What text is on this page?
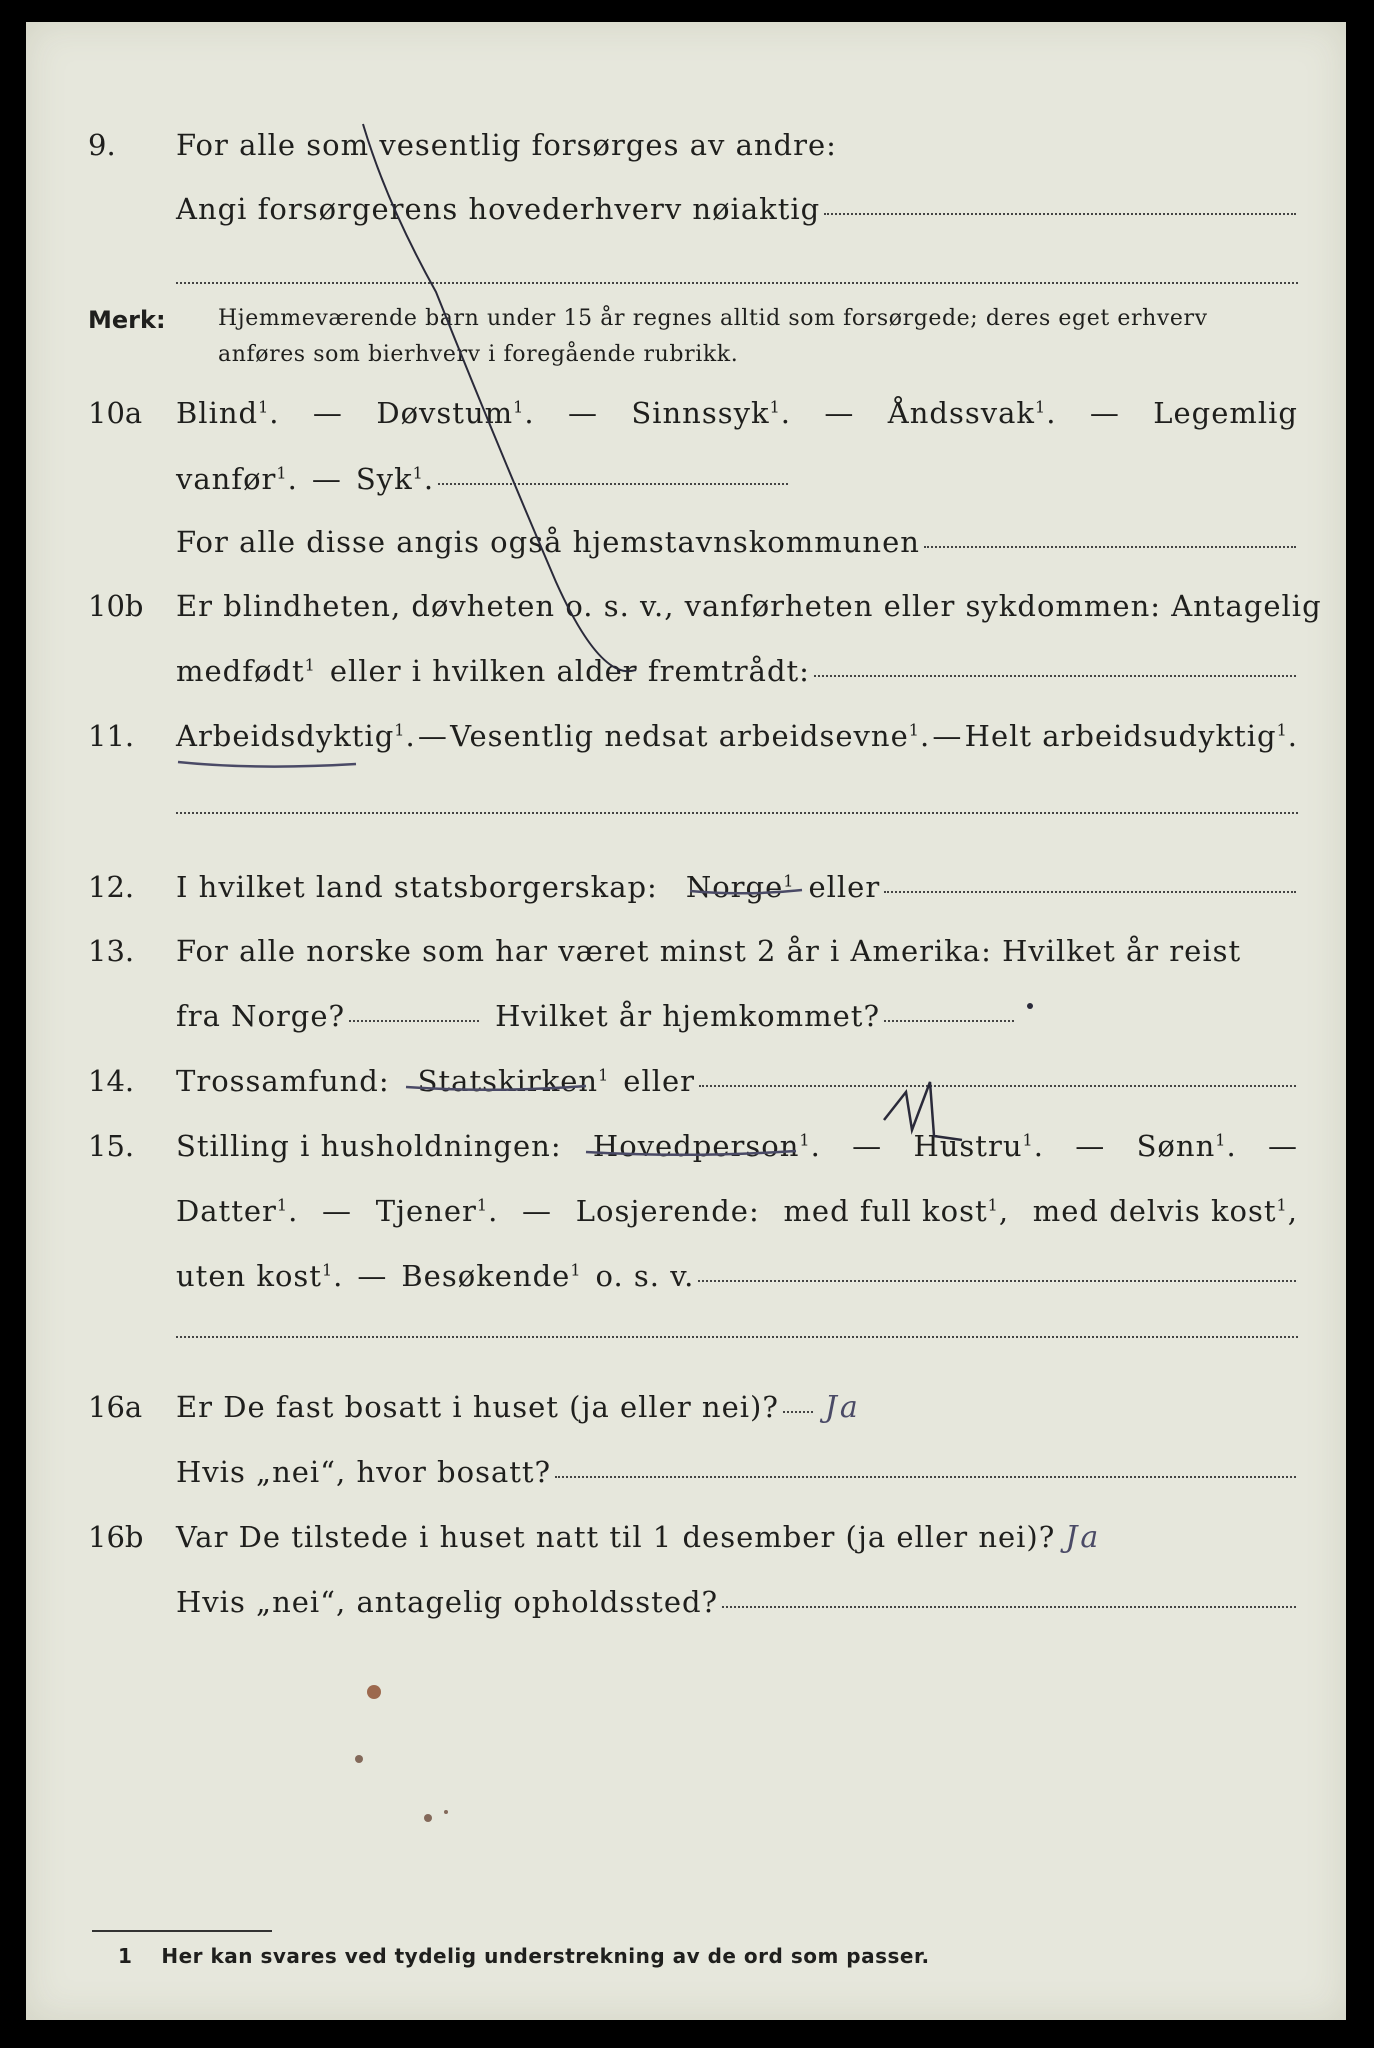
9. For alle som vesentlig forsørges av andre:
Angi forsørgerens hovederhverv nøiaktig
Merk: Hjemmeværende barn under 15 år regnes alltid som forsørgede; deres eget erhverv
anføres som bierhverv i foregående rubrikk.
10a Blind$^1$. — Døvstum$^1$. — Sinnssyk$^1$. — Åndssvak$^1$. — Legemlig
vanfør$^1$. — Syk$^1$.
For alle disse angis også hjemstavnskommunen
10b Er blindheten, døvheten o. s. v., vanførheten eller sykdommen: Antagelig
medfødt$^1$ eller i hvilken alder fremtrådt:
11. Arbeidsdyktig$^1$. — Vesentlig nedsat arbeidsevne$^1$. — Helt arbeidsudyktig$^1$.
12. I hvilket land statsborgerskap: Norge$^1$ eller
13. For alle norske som har været minst 2 år i Amerika: Hvilket år reist
fra Norge?	Hvilket år hjemkommet?
14. Trossamfund: Statskirken$^1$ eller
15. Stilling i husholdningen: Hovedperson$^1$. — Hustru$^1$. — Sønn$^1$. —
Datter$^1$. — Tjener$^1$. — Losjerende: med full kost$^1$, med delvis kost$^1$,
uten kost$^1$. — Besøkende$^1$ o. s. v.
16a Er De fast bosatt i huset (ja eller nei)? Ja
Hvis „nei“, hvor bosatt?
16b Var De tilstede i huset natt til 1 desember (ja eller nei)? Ja
Hvis „nei“, antagelig opholdssted?
1 Her kan svares ved tydelig understrekning av de ord som passer.
